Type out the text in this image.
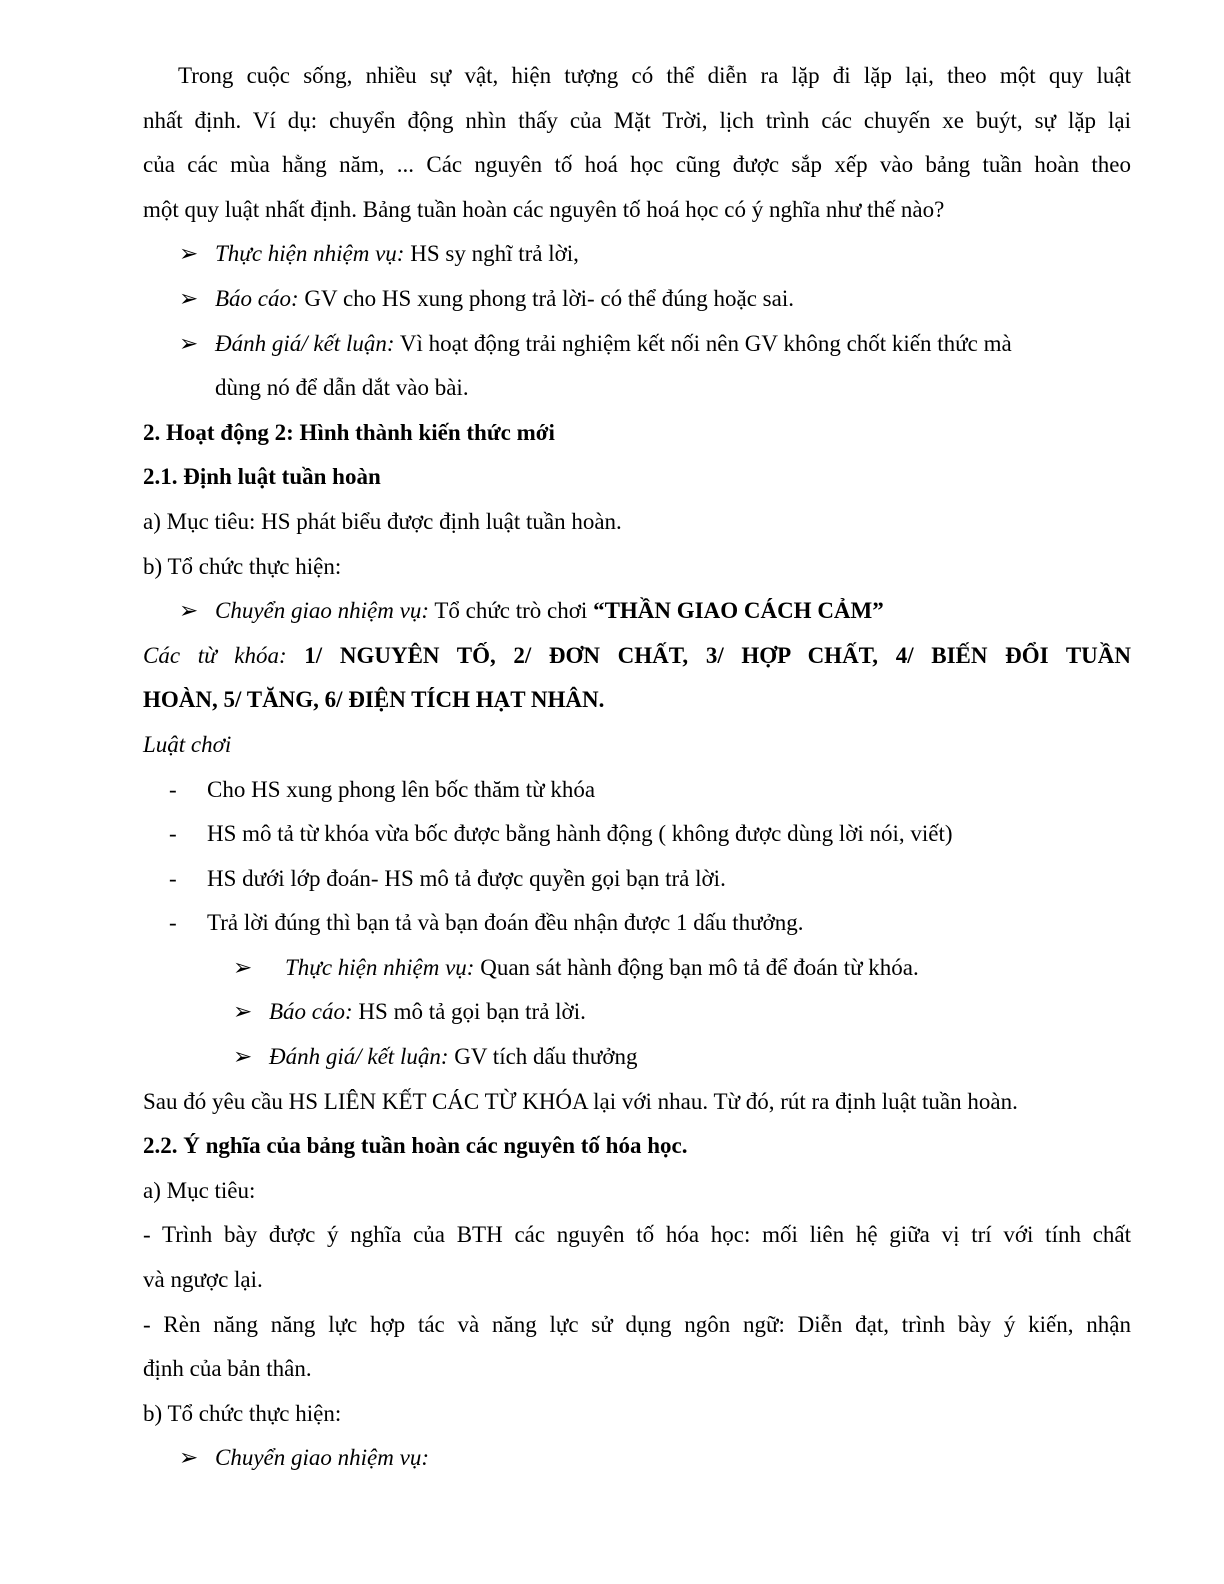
Trong cuộc sống, nhiều sự vật, hiện tượng có thể diễn ra lặp đi lặp lại, theo một quy luật
nhất định. Ví dụ: chuyển động nhìn thấy của Mặt Trời, lịch trình các chuyến xe buýt, sự lặp lại
của các mùa hằng năm, ... Các nguyên tố hoá học cũng được sắp xếp vào bảng tuần hoàn theo
một quy luật nhất định. Bảng tuần hoàn các nguyên tố hoá học có ý nghĩa như thế nào?
➢ Thực hiện nhiệm vụ: HS sy nghĩ trả lời,
➢ Báo cáo: GV cho HS xung phong trả lời- có thể đúng hoặc sai.
➢ Đánh giá/ kết luận: Vì hoạt động trải nghiệm kết nối nên GV không chốt kiến thức mà
dùng nó để dẫn dắt vào bài.
2. Hoạt động 2: Hình thành kiến thức mới
2.1. Định luật tuần hoàn
a) Mục tiêu: HS phát biểu được định luật tuần hoàn.
b) Tổ chức thực hiện:
➢ Chuyển giao nhiệm vụ: Tổ chức trò chơi “THẦN GIAO CÁCH CẢM”
Các từ khóa: 1/ NGUYÊN TỐ, 2/ ĐƠN CHẤT, 3/ HỢP CHẤT, 4/ BIẾN ĐỔI TUẦN
HOÀN, 5/ TĂNG, 6/ ĐIỆN TÍCH HẠT NHÂN.
Luật chơi
- Cho HS xung phong lên bốc thăm từ khóa
- HS mô tả từ khóa vừa bốc được bằng hành động ( không được dùng lời nói, viết)
- HS dưới lớp đoán- HS mô tả được quyền gọi bạn trả lời.
- Trả lời đúng thì bạn tả và bạn đoán đều nhận được 1 dấu thưởng.
➢ Thực hiện nhiệm vụ: Quan sát hành động bạn mô tả để đoán từ khóa.
➢ Báo cáo: HS mô tả gọi bạn trả lời.
➢ Đánh giá/ kết luận: GV tích dấu thưởng
Sau đó yêu cầu HS LIÊN KẾT CÁC TỪ KHÓA lại với nhau. Từ đó, rút ra định luật tuần hoàn.
2.2. Ý nghĩa của bảng tuần hoàn các nguyên tố hóa học.
a) Mục tiêu:
- Trình bày được ý nghĩa của BTH các nguyên tố hóa học: mối liên hệ giữa vị trí với tính chất
và ngược lại.
- Rèn năng năng lực hợp tác và năng lực sử dụng ngôn ngữ: Diễn đạt, trình bày ý kiến, nhận
định của bản thân.
b) Tổ chức thực hiện:
➢ Chuyển giao nhiệm vụ:
